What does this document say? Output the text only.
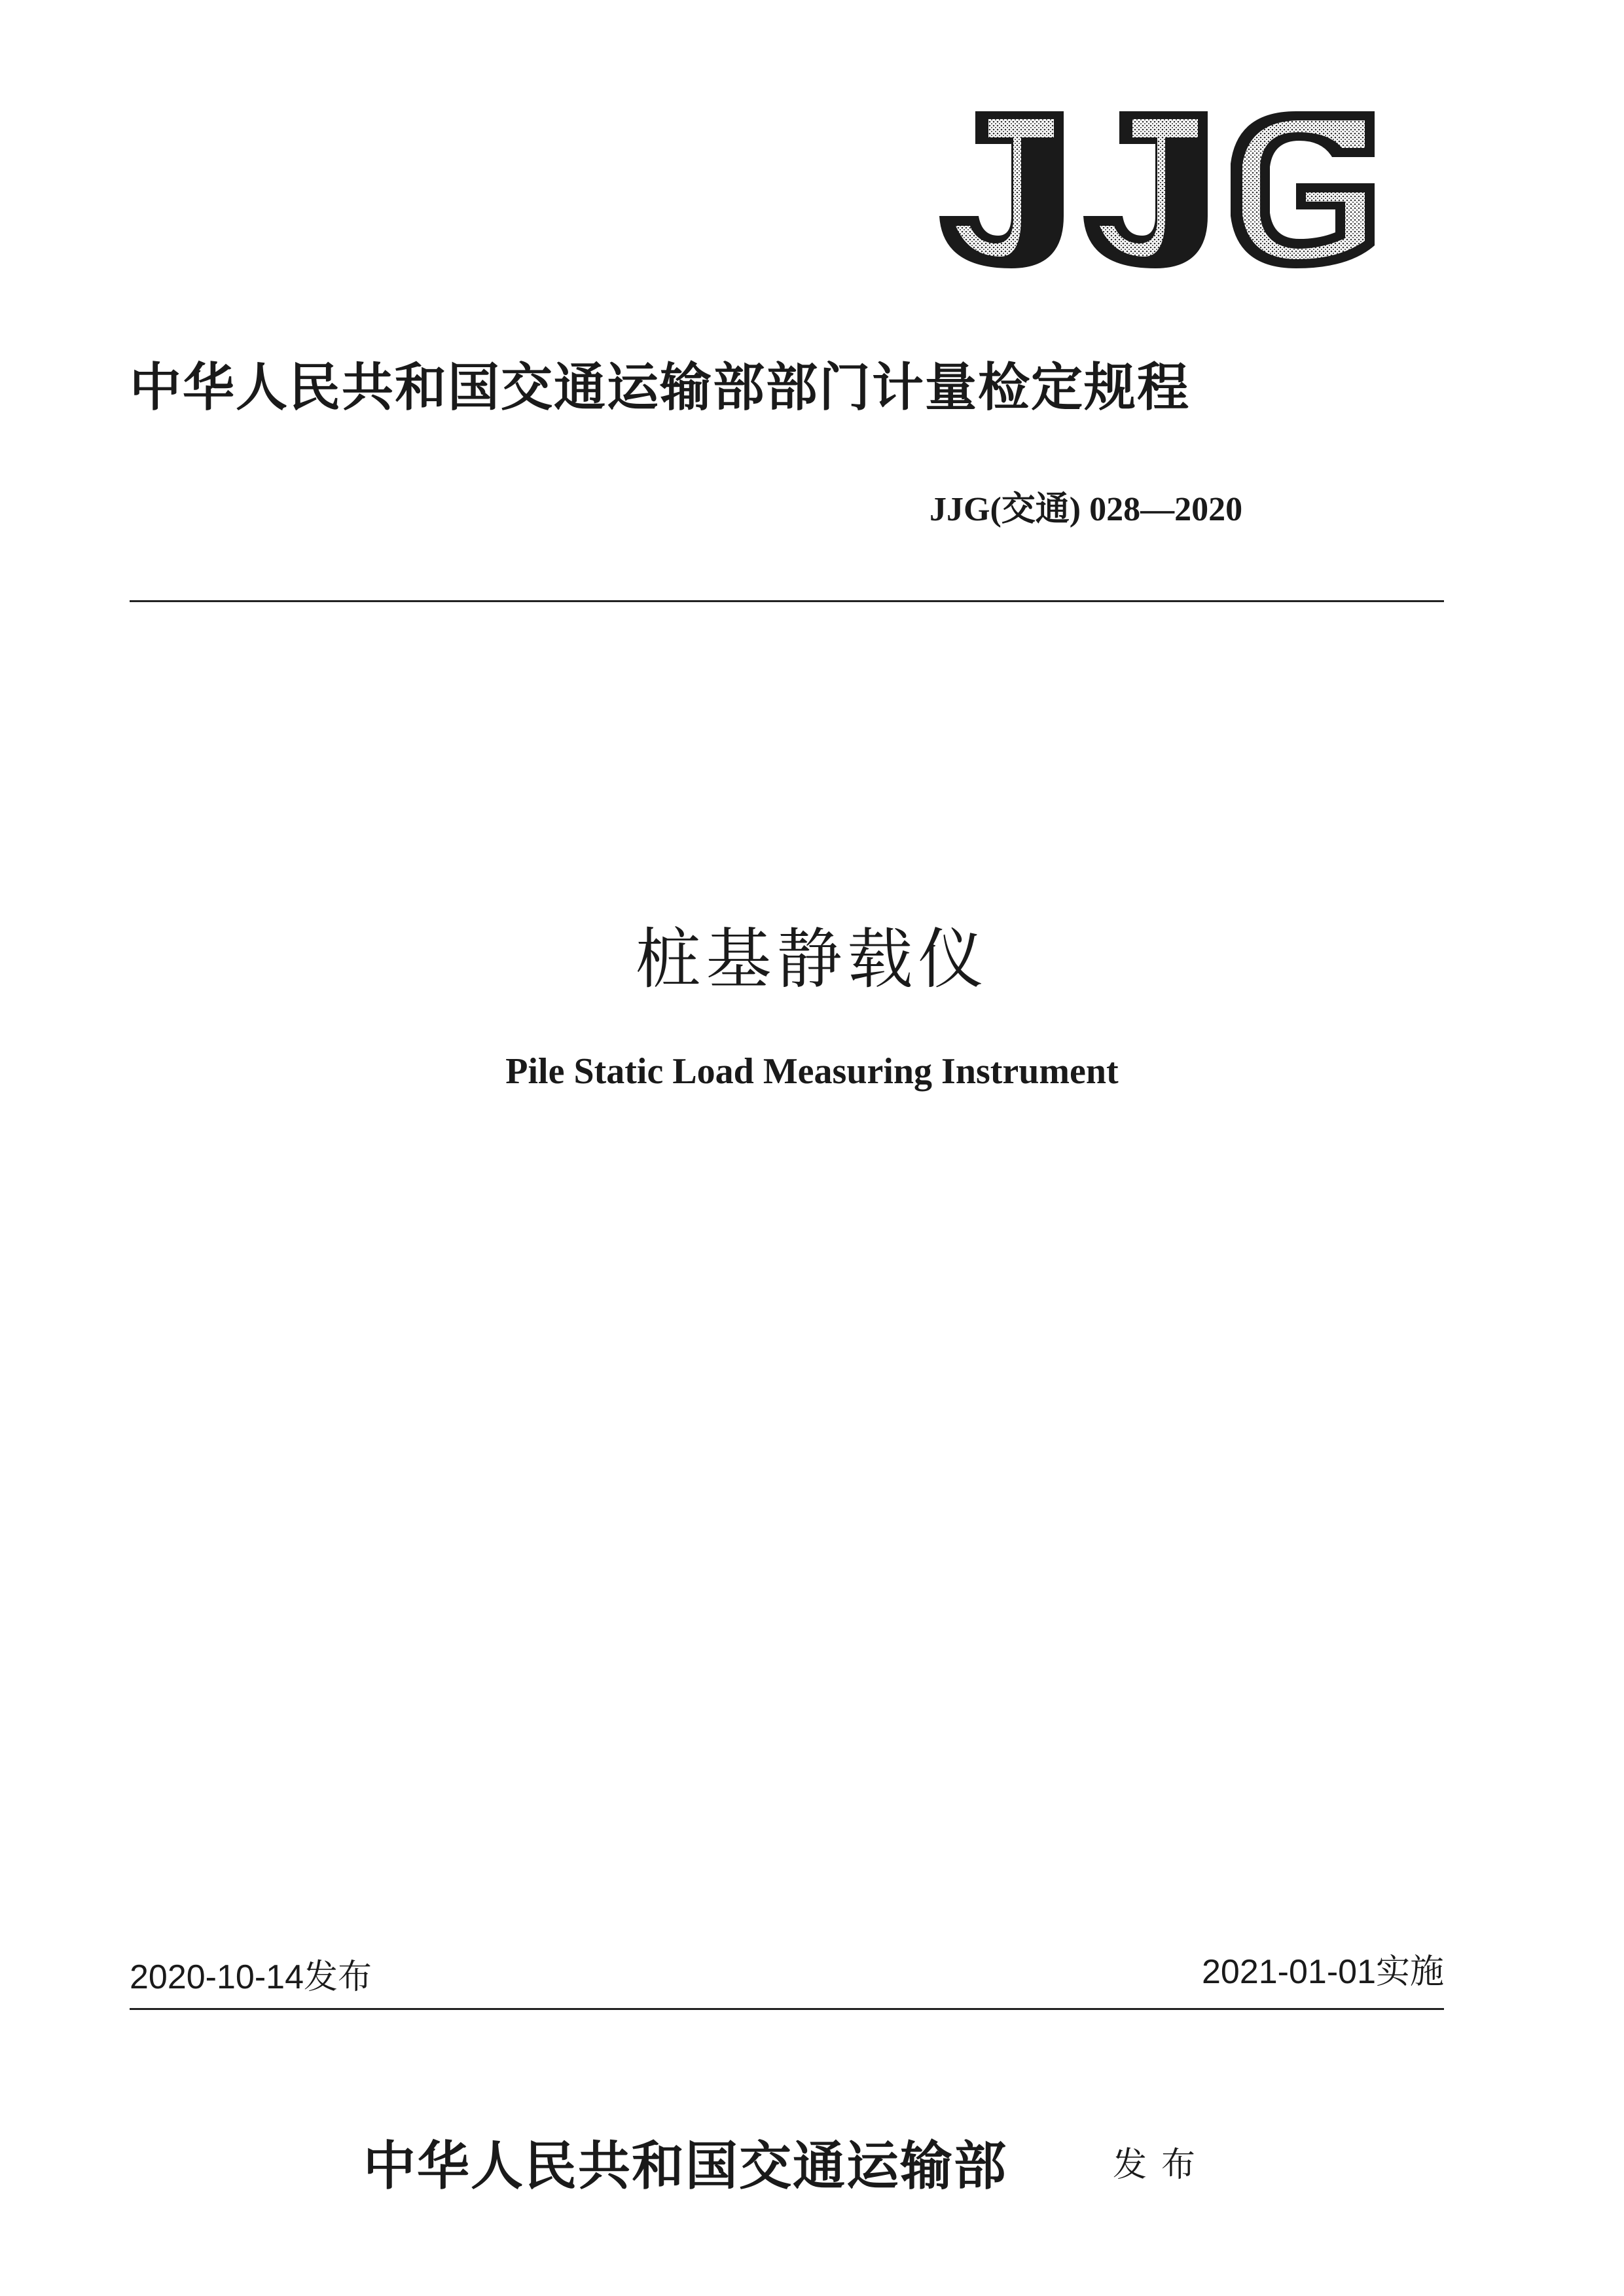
中华人民共和国交通运输部部门计量检定规程
JJG(交通) 028—2020
桩基静载仪
Pile Static Load Measuring Instrument
2020-10-14发布	2021-01-01实施
中华人民共和国交通运输部	发布
